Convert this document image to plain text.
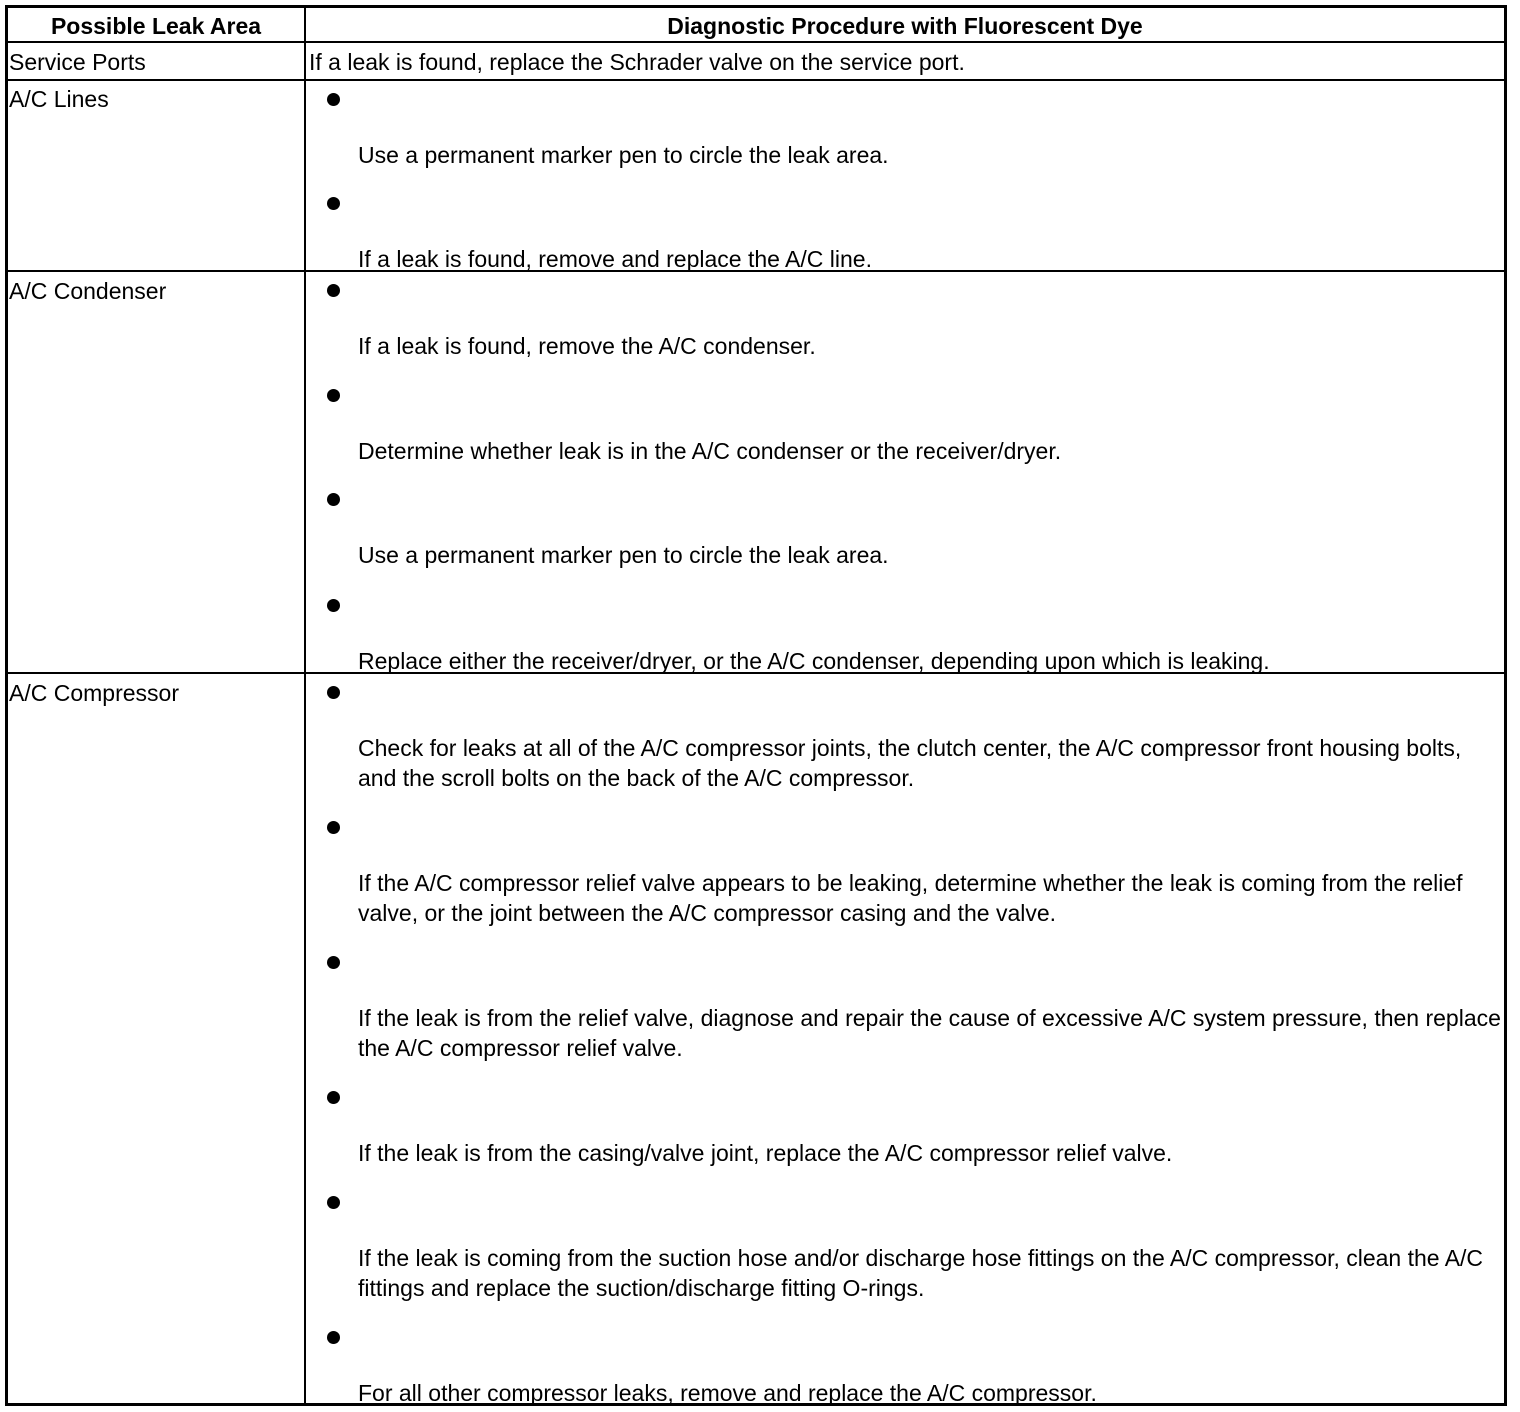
Possible Leak Area	Diagnostic Procedure with Fluorescent Dye
Service Ports	If a leak is found, replace the Schrader valve on the service port.
A/C Lines
Use a permanent marker pen to circle the leak area.
If a leak is found, remove and replace the A/C line.
A/C Condenser
If a leak is found, remove the A/C condenser.
Determine whether leak is in the A/C condenser or the receiver/dryer.
Use a permanent marker pen to circle the leak area.
Replace either the receiver/dryer, or the A/C condenser, depending upon which is leaking.
A/C Compressor
Check for leaks at all of the A/C compressor joints, the clutch center, the A/C compressor front housing bolts, and the scroll bolts on the back of the A/C compressor.
If the A/C compressor relief valve appears to be leaking, determine whether the leak is coming from the relief valve, or the joint between the A/C compressor casing and the valve.
If the leak is from the relief valve, diagnose and repair the cause of excessive A/C system pressure, then replace the A/C compressor relief valve.
If the leak is from the casing/valve joint, replace the A/C compressor relief valve.
If the leak is coming from the suction hose and/or discharge hose fittings on the A/C compressor, clean the A/C fittings and replace the suction/discharge fitting O-rings.
For all other compressor leaks, remove and replace the A/C compressor.
